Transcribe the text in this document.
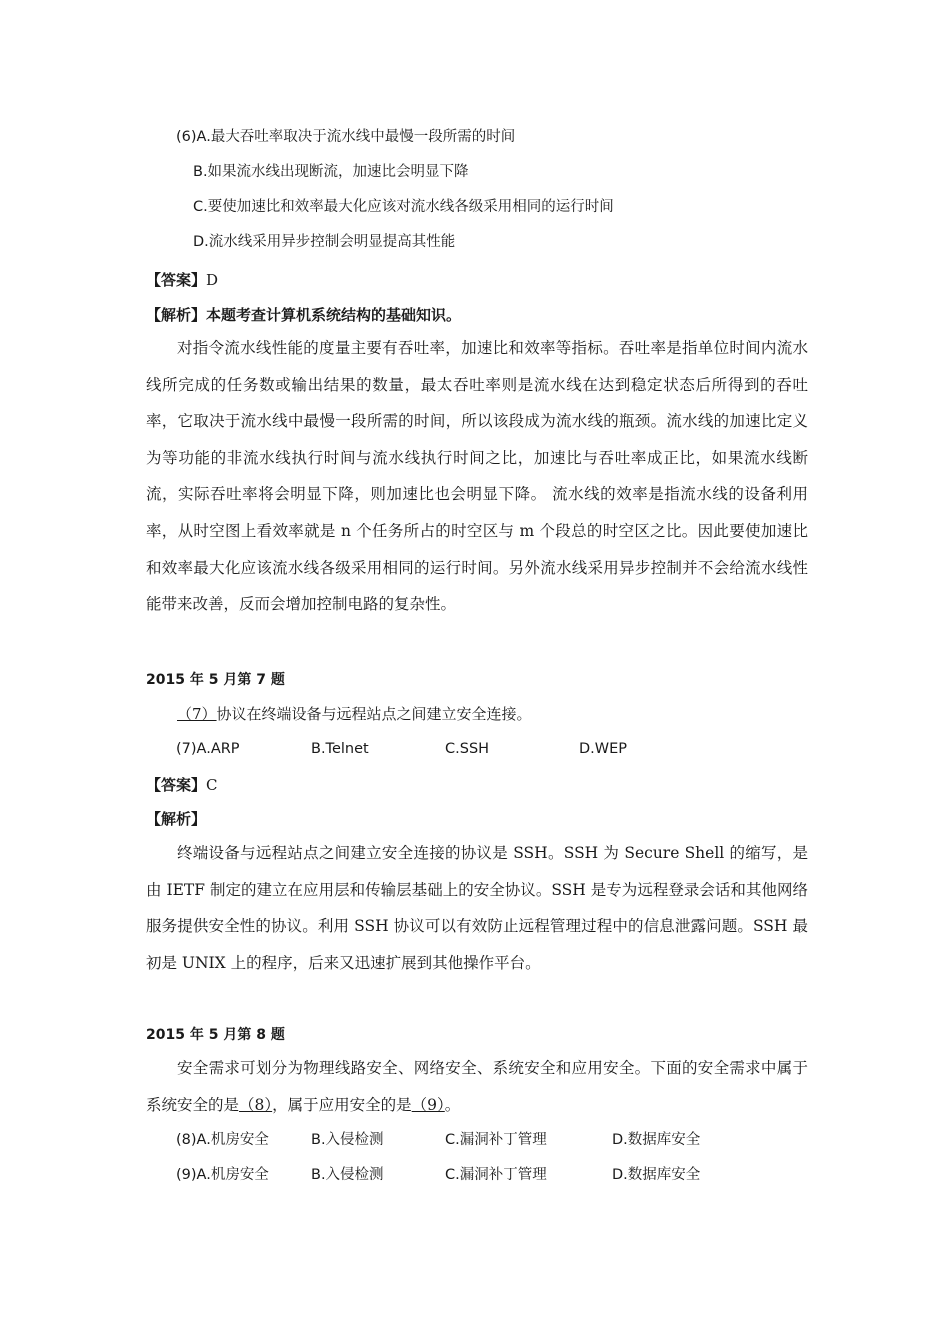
(6)A.最大吞吐率取决于流水线中最慢一段所需的时间
B.如果流水线出现断流，加速比会明显下降
C.要使加速比和效率最大化应该对流水线各级采用相同的运行时间
D.流水线采用异步控制会明显提高其性能
【答案】D
【解析】本题考查计算机系统结构的基础知识。

对指令流水线性能的度量主要有吞吐率，加速比和效率等指标。吞吐率是指单位时间内流水线所完成的任务数或输出结果的数量，最太吞吐率则是流水线在达到稳定状态后所得到的吞吐率，它取决于流水线中最慢一段所需的时间，所以该段成为流水线的瓶颈。流水线的加速比定义为等功能的非流水线执行时间与流水线执行时间之比，加速比与吞吐率成正比，如果流水线断流，实际吞吐率将会明显下降，则加速比也会明显下降。 流水线的效率是指流水线的设备利用率，从时空图上看效率就是 n 个任务所占的时空区与 m 个段总的时空区之比。因此要使加速比和效率最大化应该流水线各级采用相同的运行时间。另外流水线采用异步控制并不会给流水线性能带来改善，反而会增加控制电路的复杂性。

2015 年 5 月第 7 题
（7）协议在终端设备与远程站点之间建立安全连接。
(7)A.ARP	B.Telnet	C.SSH	D.WEP
【答案】C
【解析】

终端设备与远程站点之间建立安全连接的协议是 SSH。SSH 为 Secure Shell 的缩写，是由 IETF 制定的建立在应用层和传输层基础上的安全协议。SSH 是专为远程登录会话和其他网络服务提供安全性的协议。利用 SSH 协议可以有效防止远程管理过程中的信息泄露问题。SSH 最初是 UNIX 上的程序，后来又迅速扩展到其他操作平台。

2015 年 5 月第 8 题

安全需求可划分为物理线路安全、网络安全、系统安全和应用安全。下面的安全需求中属于系统安全的是（8），属于应用安全的是（9）。

(8)A.机房安全	B.入侵检测	C.漏洞补丁管理	D.数据库安全
(9)A.机房安全	B.入侵检测	C.漏洞补丁管理	D.数据库安全
